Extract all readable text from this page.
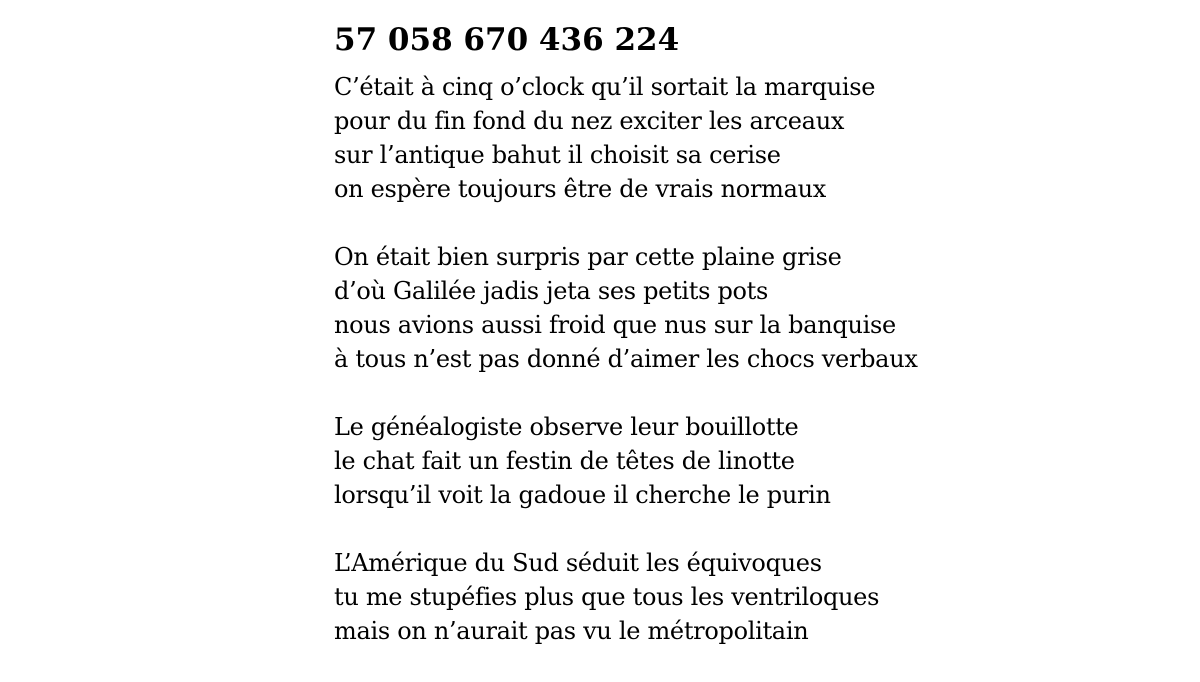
57 058 670 436 224
C’était à cinq o’clock qu’il sortait la marquise
pour du fin fond du nez exciter les arceaux
sur l’antique bahut il choisit sa cerise
on espère toujours être de vrais normaux
On était bien surpris par cette plaine grise
d’où Galilée jadis jeta ses petits pots
nous avions aussi froid que nus sur la banquise
à tous n’est pas donné d’aimer les chocs verbaux
Le généalogiste observe leur bouillotte
le chat fait un festin de têtes de linotte
lorsqu’il voit la gadoue il cherche le purin
L’Amérique du Sud séduit les équivoques
tu me stupéfies plus que tous les ventriloques
mais on n’aurait pas vu le métropolitain
